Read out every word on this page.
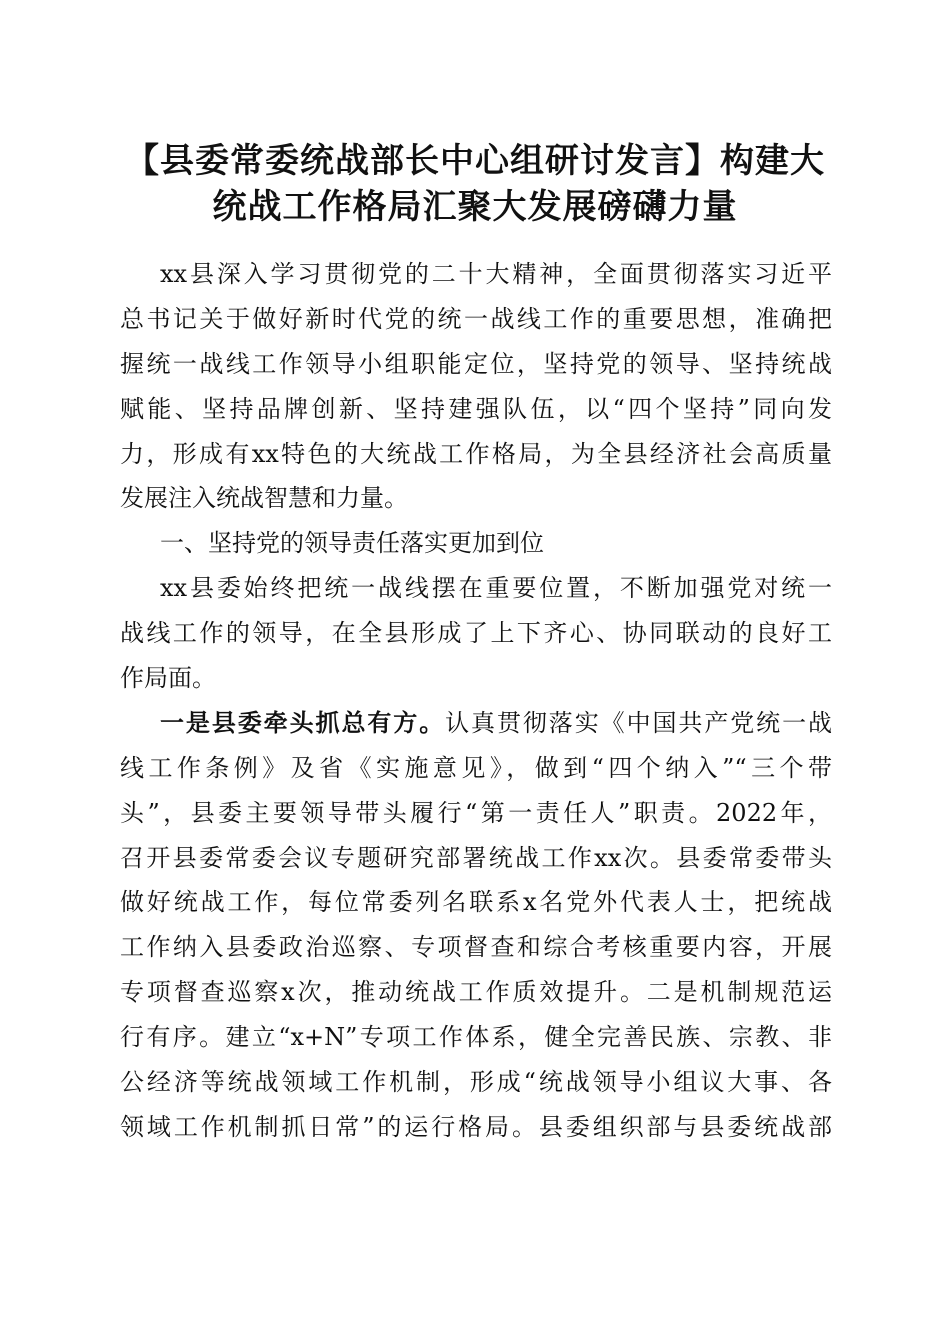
【县委常委统战部长中心组研讨发言】构建大
统战工作格局汇聚大发展磅礴力量
xx县深入学习贯彻党的二十大精神，全面贯彻落实习近平
总书记关于做好新时代党的统一战线工作的重要思想，准确把
握统一战线工作领导小组职能定位，坚持党的领导、坚持统战
赋能、坚持品牌创新、坚持建强队伍，以“四个坚持”同向发
力，形成有xx特色的大统战工作格局，为全县经济社会高质量
发展注入统战智慧和力量。
一、坚持党的领导责任落实更加到位
xx县委始终把统一战线摆在重要位置，不断加强党对统一
战线工作的领导，在全县形成了上下齐心、协同联动的良好工
作局面。
一是县委牵头抓总有方。认真贯彻落实《中国共产党统一战
线工作条例》及省《实施意见》，做到“四个纳入”“三个带
头”，县委主要领导带头履行“第一责任人”职责。2022年，
召开县委常委会议专题研究部署统战工作xx次。县委常委带头
做好统战工作，每位常委列名联系x名党外代表人士，把统战
工作纳入县委政治巡察、专项督查和综合考核重要内容，开展
专项督查巡察x次，推动统战工作质效提升。二是机制规范运
行有序。建立“x+N”专项工作体系，健全完善民族、宗教、非
公经济等统战领域工作机制，形成“统战领导小组议大事、各
领域工作机制抓日常”的运行格局。县委组织部与县委统战部
